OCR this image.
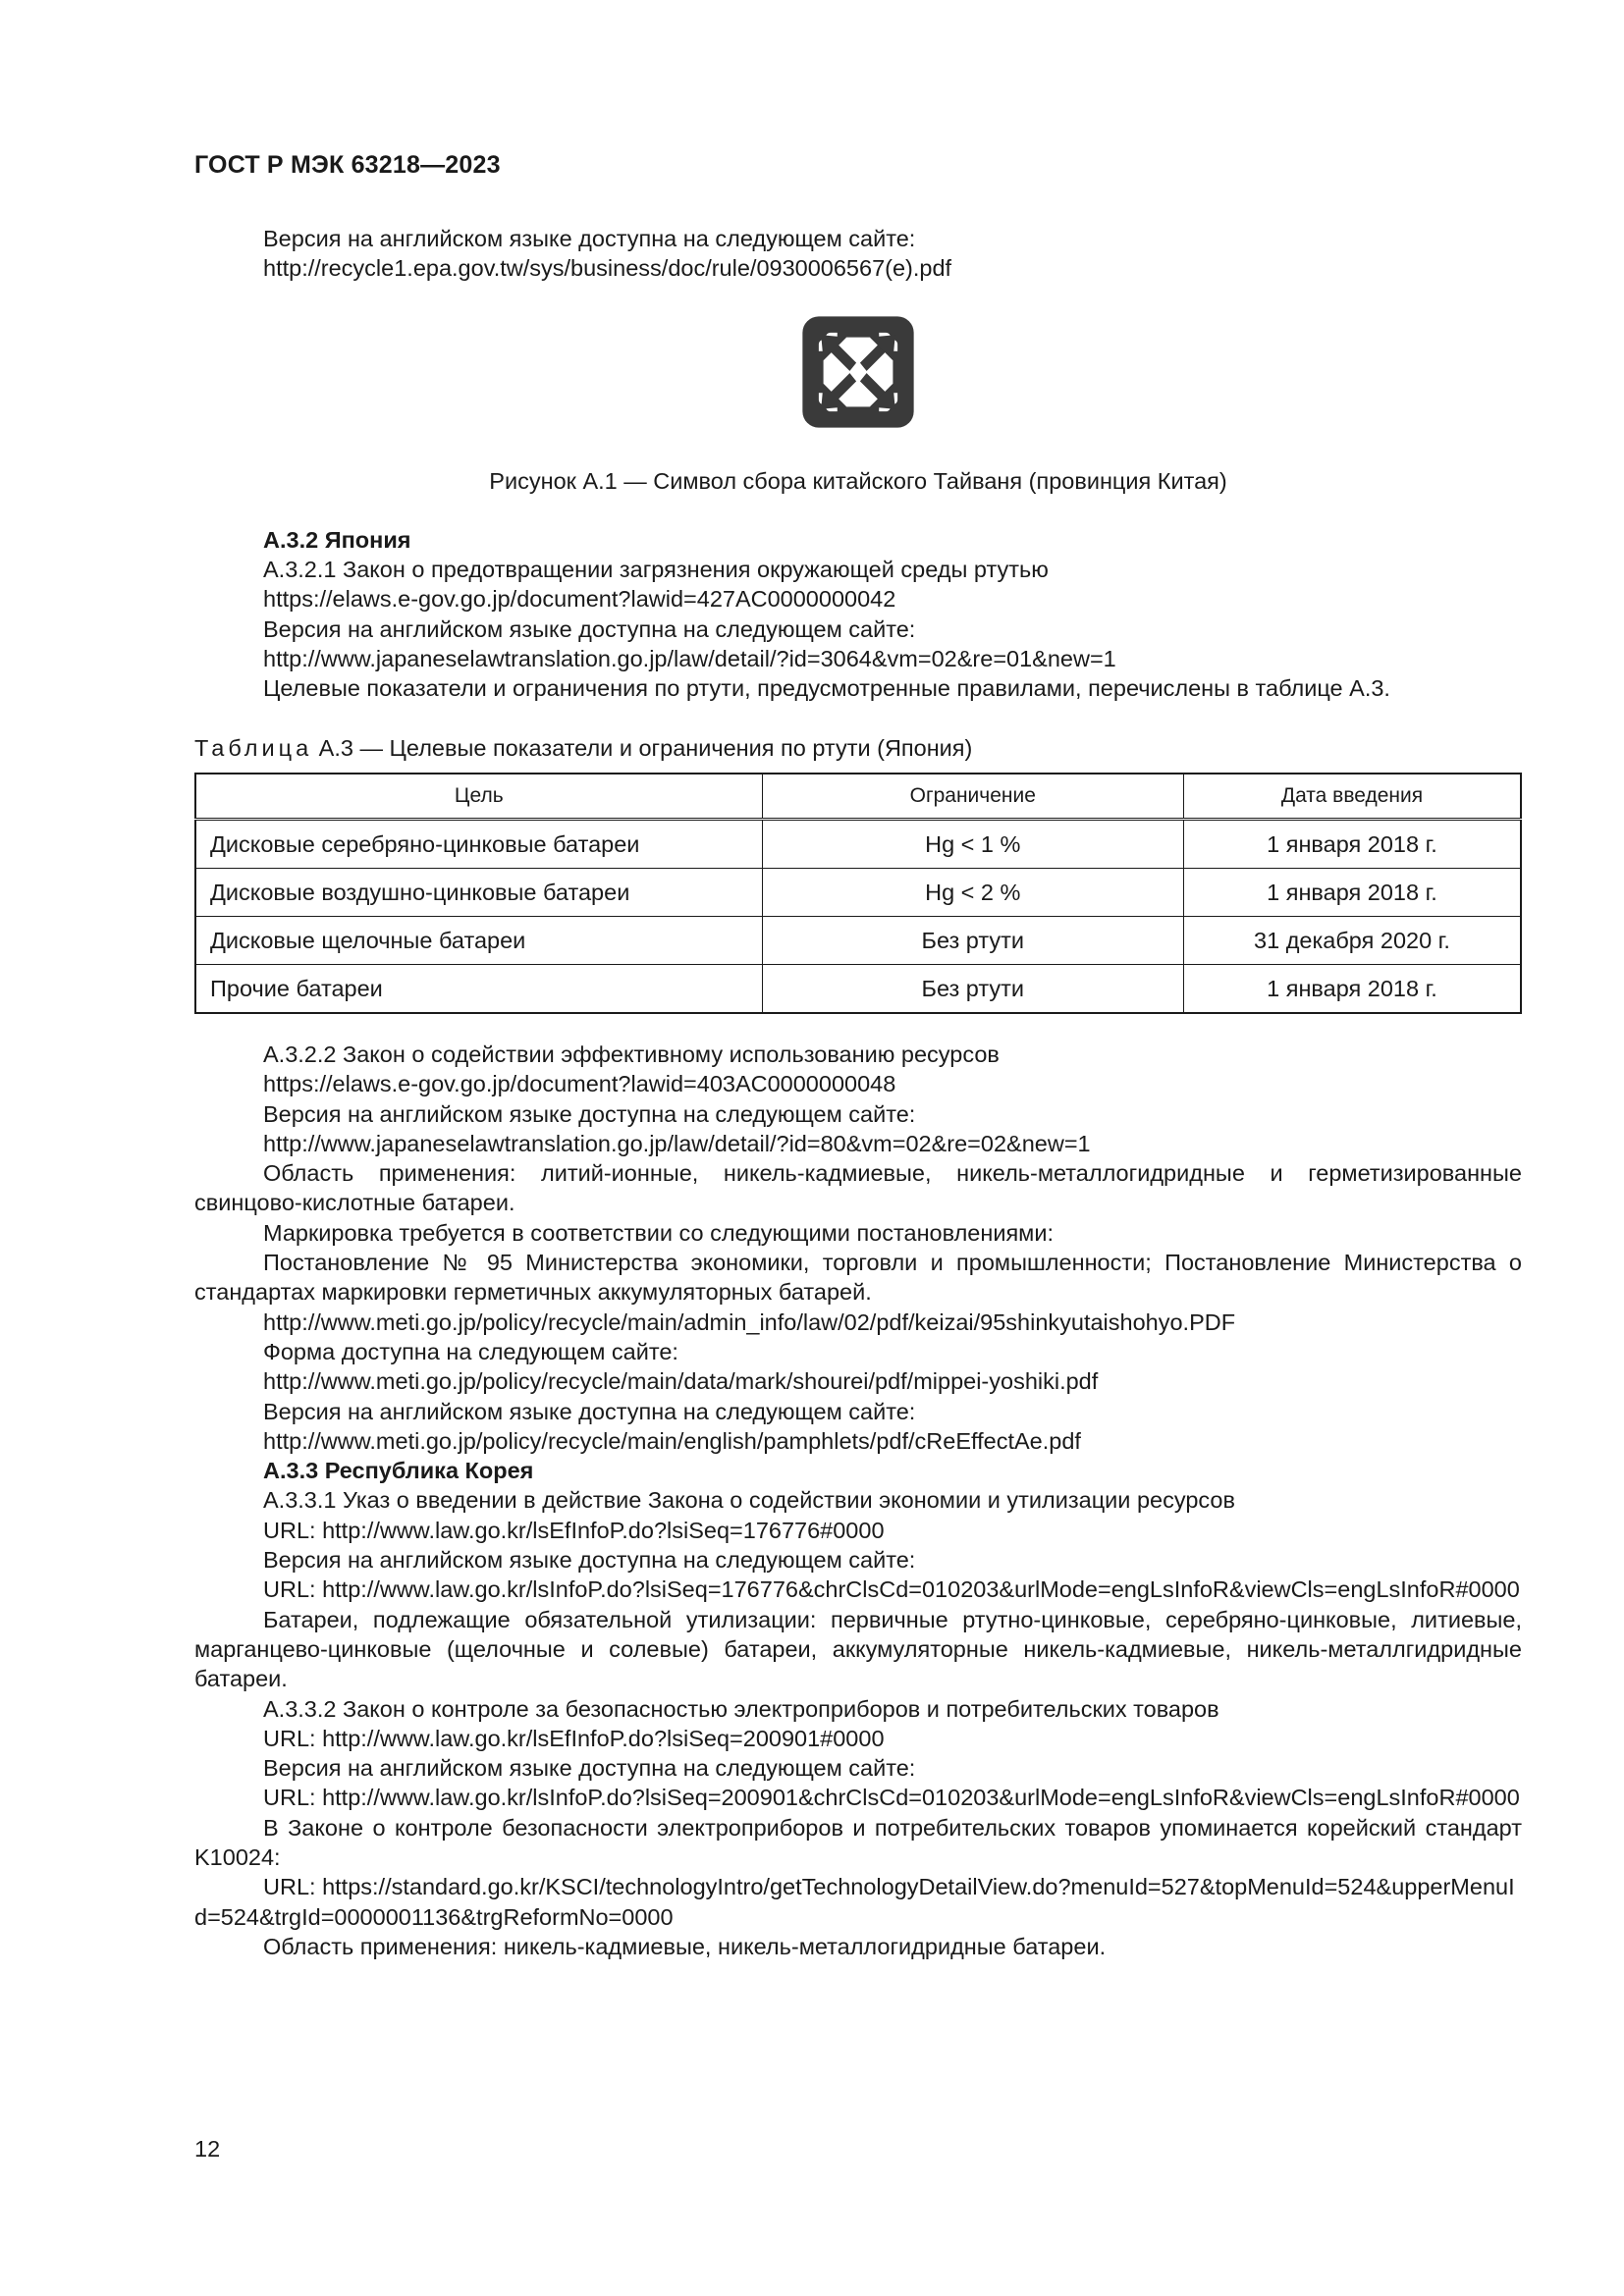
ГОСТ Р МЭК 63218—2023

Версия на английском языке доступна на следующем сайте:

http://recycle1.epa.gov.tw/sys/business/doc/rule/0930006567(e).pdf

Рисунок А.1 — Символ сбора китайского Тайваня (провинция Китая)

А.3.2 Япония

А.3.2.1 Закон о предотвращении загрязнения окружающей среды ртутью

https://elaws.e-gov.go.jp/document?lawid=427AC0000000042

Версия на английском языке доступна на следующем сайте:

http://www.japaneselawtranslation.go.jp/law/detail/?id=3064&vm=02&re=01&new=1

Целевые показатели и ограничения по ртути, предусмотренные правилами, перечислены в таблице А.3.

Таблица А.3 — Целевые показатели и ограничения по ртути (Япония)
Цель	Ограничение	Дата введения
Дисковые серебряно-цинковые батареи	Hg < 1 %	1 января 2018 г.
Дисковые воздушно-цинковые батареи	Hg < 2 %	1 января 2018 г.
Дисковые щелочные батареи	Без ртути	31 декабря 2020 г.
Прочие батареи	Без ртути	1 января 2018 г.

А.3.2.2 Закон о содействии эффективному использованию ресурсов

https://elaws.e-gov.go.jp/document?lawid=403AC0000000048

Версия на английском языке доступна на следующем сайте:

http://www.japaneselawtranslation.go.jp/law/detail/?id=80&vm=02&re=02&new=1

Область применения: литий-ионные, никель-кадмиевые, никель-металлогидридные и герметизированные свинцово-кислотные батареи.

Маркировка требуется в соответствии со следующими постановлениями:

Постановление № 95 Министерства экономики, торговли и промышленности; Постановление Министерства о стандартах маркировки герметичных аккумуляторных батарей.

http://www.meti.go.jp/policy/recycle/main/admin_info/law/02/pdf/keizai/95shinkyutaishohyo.PDF

Форма доступна на следующем сайте:

http://www.meti.go.jp/policy/recycle/main/data/mark/shourei/pdf/mippei-yoshiki.pdf

Версия на английском языке доступна на следующем сайте:

http://www.meti.go.jp/policy/recycle/main/english/pamphlets/pdf/cReEffectAe.pdf

А.3.3 Республика Корея

А.3.3.1 Указ о введении в действие Закона о содействии экономии и утилизации ресурсов

URL: http://www.law.go.kr/lsEfInfoP.do?lsiSeq=176776#0000

Версия на английском языке доступна на следующем сайте:

URL: http://www.law.go.kr/lsInfoP.do?lsiSeq=176776&chrClsCd=010203&urlMode=engLsInfoR&viewCls=engLsInfoR#0000

Батареи, подлежащие обязательной утилизации: первичные ртутно-цинковые, серебряно-цинковые, литиевые, марганцево-цинковые (щелочные и солевые) батареи, аккумуляторные никель-кадмиевые, никель-металлгидридные батареи.

А.3.3.2 Закон о контроле за безопасностью электроприборов и потребительских товаров

URL: http://www.law.go.kr/lsEfInfoP.do?lsiSeq=200901#0000

Версия на английском языке доступна на следующем сайте:

URL: http://www.law.go.kr/lsInfoP.do?lsiSeq=200901&chrClsCd=010203&urlMode=engLsInfoR&viewCls=engLsInfoR#0000

В Законе о контроле безопасности электроприборов и потребительских товаров упоминается корейский стандарт K10024:

URL: https://standard.go.kr/KSCI/technologyIntro/getTechnologyDetailView.do?menuId=527&topMenuId=524&upperMenuId=524&trgId=0000001136&trgReformNo=0000

Область применения: никель-кадмиевые, никель-металлогидридные батареи.

12
